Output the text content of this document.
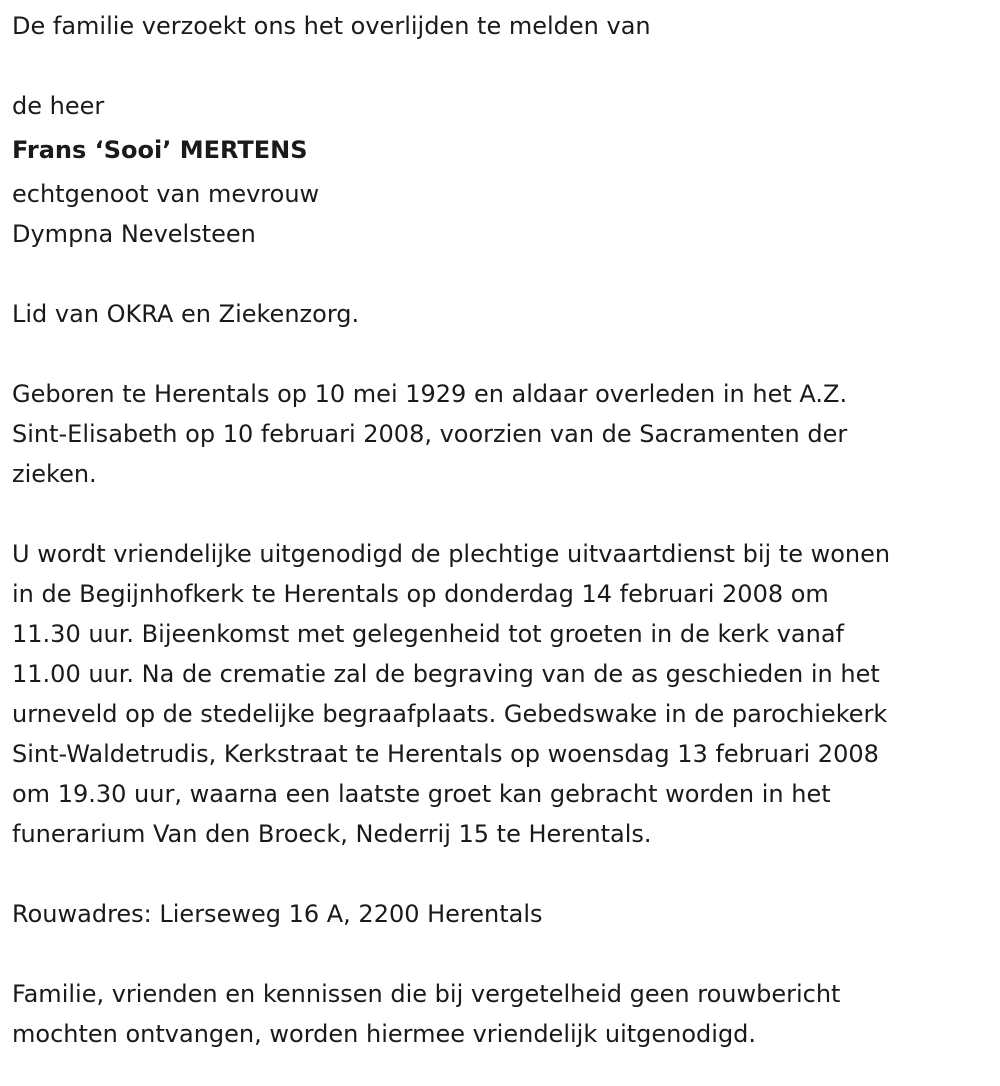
De familie verzoekt ons het overlijden te melden van

de heer

Frans ‘Sooi’ MERTENS

echtgenoot van mevrouw

Dympna Nevelsteen

Lid van OKRA en Ziekenzorg.

Geboren te Herentals op 10 mei 1929 en aldaar overleden in het A.Z.

Sint-Elisabeth op 10 februari 2008, voorzien van de Sacramenten der

zieken.

U wordt vriendelijke uitgenodigd de plechtige uitvaartdienst bij te wonen

in de Begijnhofkerk te Herentals op donderdag 14 februari 2008 om

11.30 uur. Bijeenkomst met gelegenheid tot groeten in de kerk vanaf

11.00 uur. Na de crematie zal de begraving van de as geschieden in het

urneveld op de stedelijke begraafplaats. Gebedswake in de parochiekerk

Sint-Waldetrudis, Kerkstraat te Herentals op woensdag 13 februari 2008

om 19.30 uur, waarna een laatste groet kan gebracht worden in het

funerarium Van den Broeck, Nederrij 15 te Herentals.

Rouwadres: Lierseweg 16 A, 2200 Herentals

Familie, vrienden en kennissen die bij vergetelheid geen rouwbericht

mochten ontvangen, worden hiermee vriendelijk uitgenodigd.
